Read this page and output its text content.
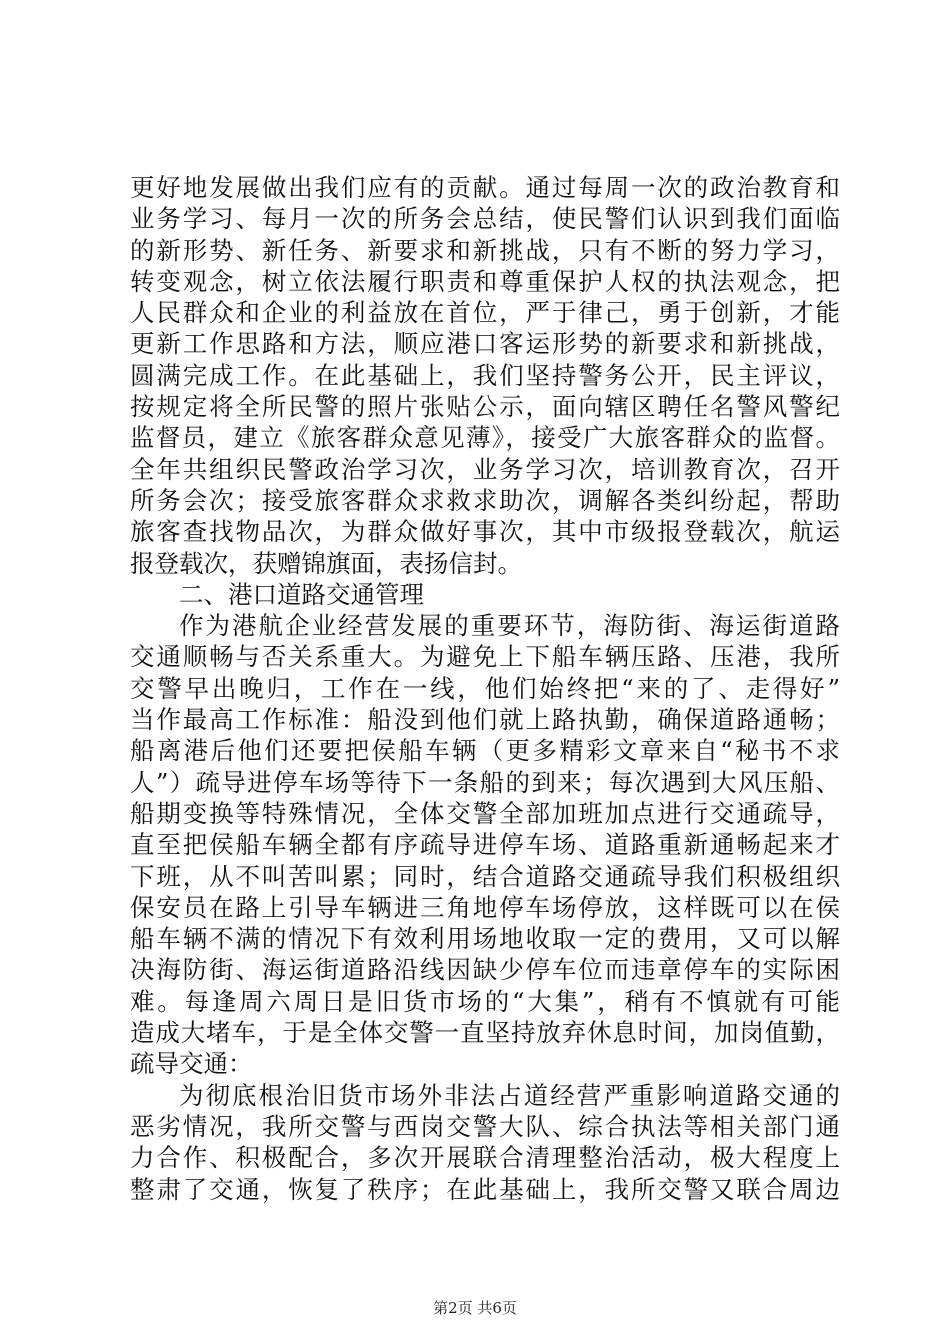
更好地发展做出我们应有的贡献。通过每周一次的政治教育和
业务学习、每月一次的所务会总结，使民警们认识到我们面临
的新形势、新任务、新要求和新挑战，只有不断的努力学习，
转变观念，树立依法履行职责和尊重保护人权的执法观念，把
人民群众和企业的利益放在首位，严于律己，勇于创新，才能
更新工作思路和方法，顺应港口客运形势的新要求和新挑战，
圆满完成工作。在此基础上，我们坚持警务公开，民主评议，
按规定将全所民警的照片张贴公示，面向辖区聘任名警风警纪
监督员，建立《旅客群众意见薄》，接受广大旅客群众的监督。
全年共组织民警政治学习次，业务学习次，培训教育次，召开
所务会次；接受旅客群众求救求助次，调解各类纠纷起，帮助
旅客查找物品次，为群众做好事次，其中市级报登载次，航运
报登载次，获赠锦旗面，表扬信封。
二、港口道路交通管理
作为港航企业经营发展的重要环节，海防街、海运街道路
交通顺畅与否关系重大。为避免上下船车辆压路、压港，我所
交警早出晚归，工作在一线，他们始终把“来的了、走得好”
当作最高工作标准：船没到他们就上路执勤，确保道路通畅；
船离港后他们还要把侯船车辆（更多精彩文章来自“秘书不求
人”）疏导进停车场等待下一条船的到来；每次遇到大风压船、
船期变换等特殊情况，全体交警全部加班加点进行交通疏导，
直至把侯船车辆全都有序疏导进停车场、道路重新通畅起来才
下班，从不叫苦叫累；同时，结合道路交通疏导我们积极组织
保安员在路上引导车辆进三角地停车场停放，这样既可以在侯
船车辆不满的情况下有效利用场地收取一定的费用，又可以解
决海防街、海运街道路沿线因缺少停车位而违章停车的实际困
难。每逢周六周日是旧货市场的“大集”，稍有不慎就有可能
造成大堵车，于是全体交警一直坚持放弃休息时间，加岗值勤，
疏导交通：
为彻底根治旧货市场外非法占道经营严重影响道路交通的
恶劣情况，我所交警与西岗交警大队、综合执法等相关部门通
力合作、积极配合，多次开展联合清理整治活动，极大程度上
整肃了交通，恢复了秩序；在此基础上，我所交警又联合周边
第2页 共6页
